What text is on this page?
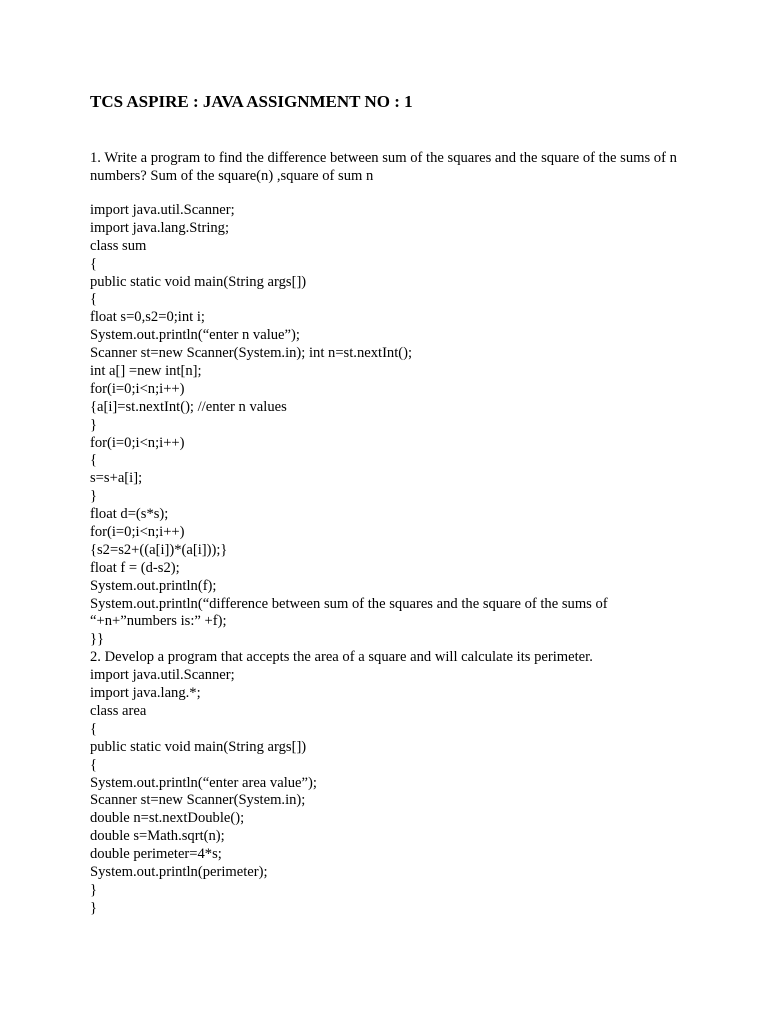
TCS ASPIRE : JAVA ASSIGNMENT NO : 1

1. Write a program to find the difference between sum of the squares and the square of the sums of n numbers? Sum of the square(n) ,square of sum n

import java.util.Scanner;
import java.lang.String;
class sum
{
public static void main(String args[])
{
float s=0,s2=0;int i;
System.out.println(“enter n value”);
Scanner st=new Scanner(System.in); int n=st.nextInt();
int a[] =new int[n];
for(i=0;i<n;i++)
{a[i]=st.nextInt(); //enter n values
}
for(i=0;i<n;i++)
{
s=s+a[i];
}
float d=(s*s);
for(i=0;i<n;i++)
{s2=s2+((a[i])*(a[i]));}
float f = (d-s2);
System.out.println(f);
System.out.println(“difference between sum of the squares and the square of the sums of
“+n+”numbers is:” +f);
}}
2. Develop a program that accepts the area of a square and will calculate its perimeter.
import java.util.Scanner;
import java.lang.*;
class area
{
public static void main(String args[])
{
System.out.println(“enter area value”);
Scanner st=new Scanner(System.in);
double n=st.nextDouble();
double s=Math.sqrt(n);
double perimeter=4*s;
System.out.println(perimeter);
}
}
